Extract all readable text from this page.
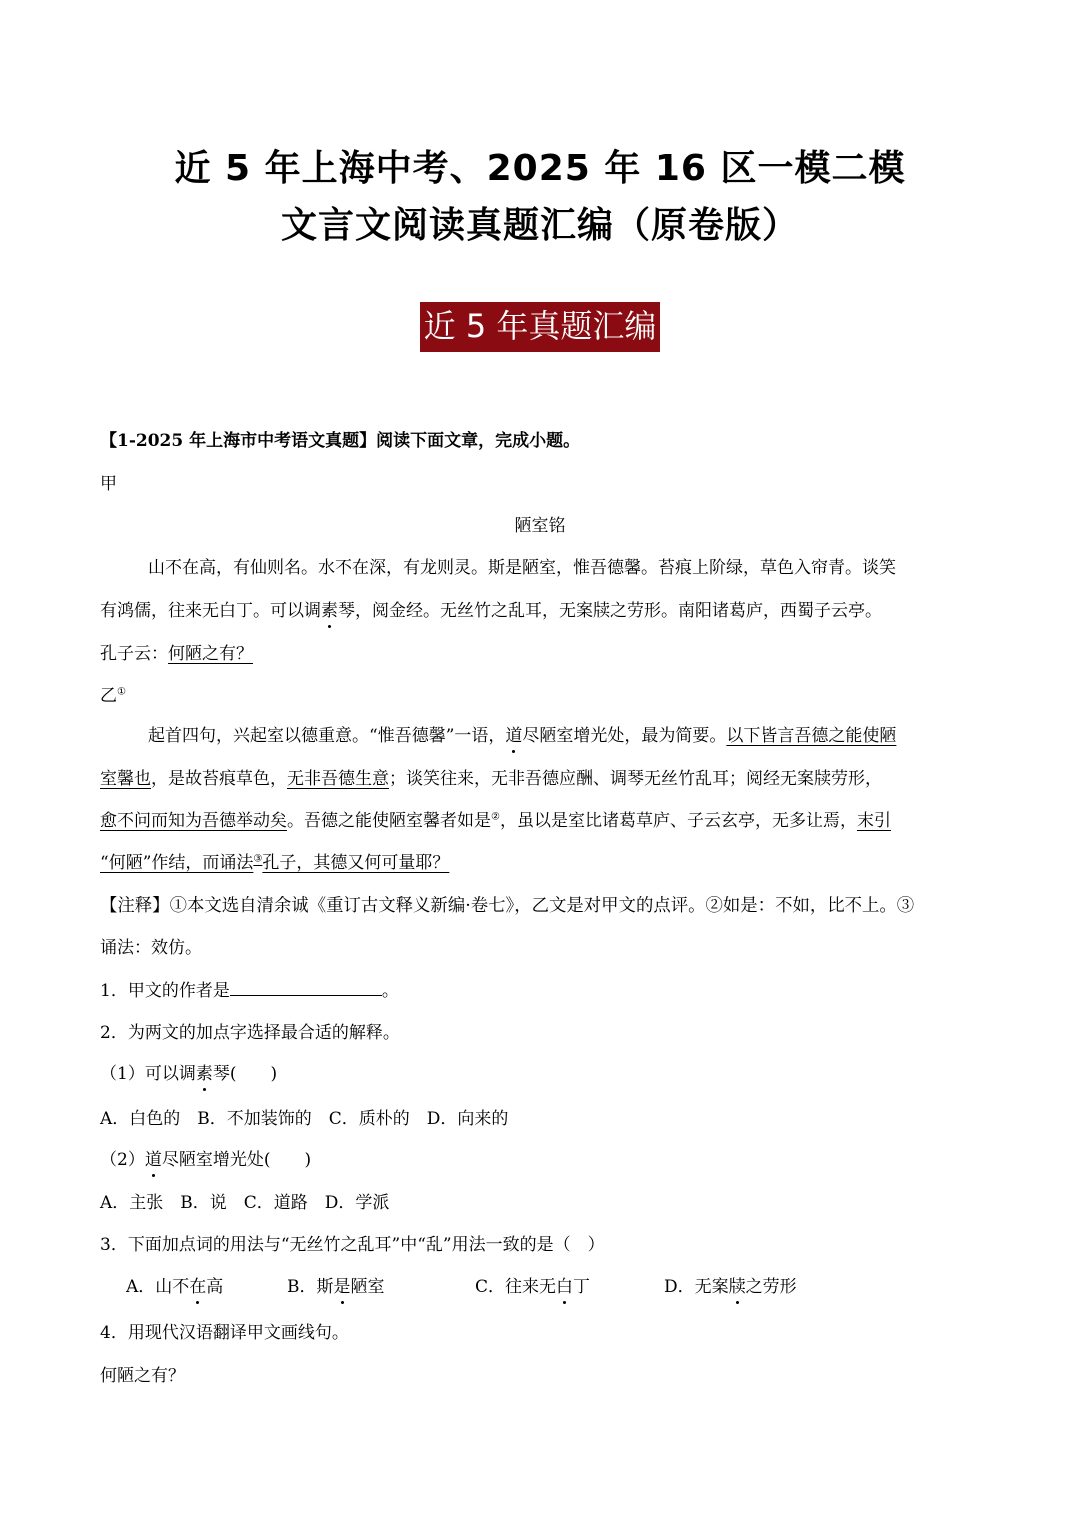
近 5 年上海中考、2025 年 16 区一模二模
文言文阅读真题汇编（原卷版）
近 5 年真题汇编
【1-2025 年上海市中考语文真题】阅读下面文章，完成小题。
甲
陋室铭
山不在高，有仙则名。水不在深，有龙则灵。斯是陋室，惟吾德馨。苔痕上阶绿，草色入帘青。谈笑
有鸿儒，往来无白丁。可以调素琴，阅金经。无丝竹之乱耳，无案牍之劳形。南阳诸葛庐，西蜀子云亭。
孔子云：何陋之有？
乙①
起首四句，兴起室以德重意。“惟吾德馨”一语，道尽陋室增光处，最为简要。以下皆言吾德之能使陋
室馨也，是故苔痕草色，无非吾德生意；谈笑往来，无非吾德应酬、调琴无丝竹乱耳；阅经无案牍劳形，
愈不问而知为吾德举动矣。吾德之能使陋室馨者如是②，虽以是室比诸葛草庐、子云玄亭，无多让焉，末引
“何陋”作结，而诵法③孔子，其德又何可量耶？
【注释】①本文选自清余诚《重订古文释义新编·卷七》，乙文是对甲文的点评。②如是：不如，比不上。③
诵法：效仿。
1．甲文的作者是	。
2．为两文的加点字选择最合适的解释。
（1）可以调素琴(　　)
A．白色的　B．不加装饰的　C．质朴的　D．向来的
（2）道尽陋室增光处(　　)
A．主张　B．说　C．道路　D．学派
3．下面加点词的用法与“无丝竹之乱耳”中“乱”用法一致的是（　）
A．山不在高	B．斯是陋室	C．往来无白丁	D．无案牍之劳形
4．用现代汉语翻译甲文画线句。
何陋之有？
